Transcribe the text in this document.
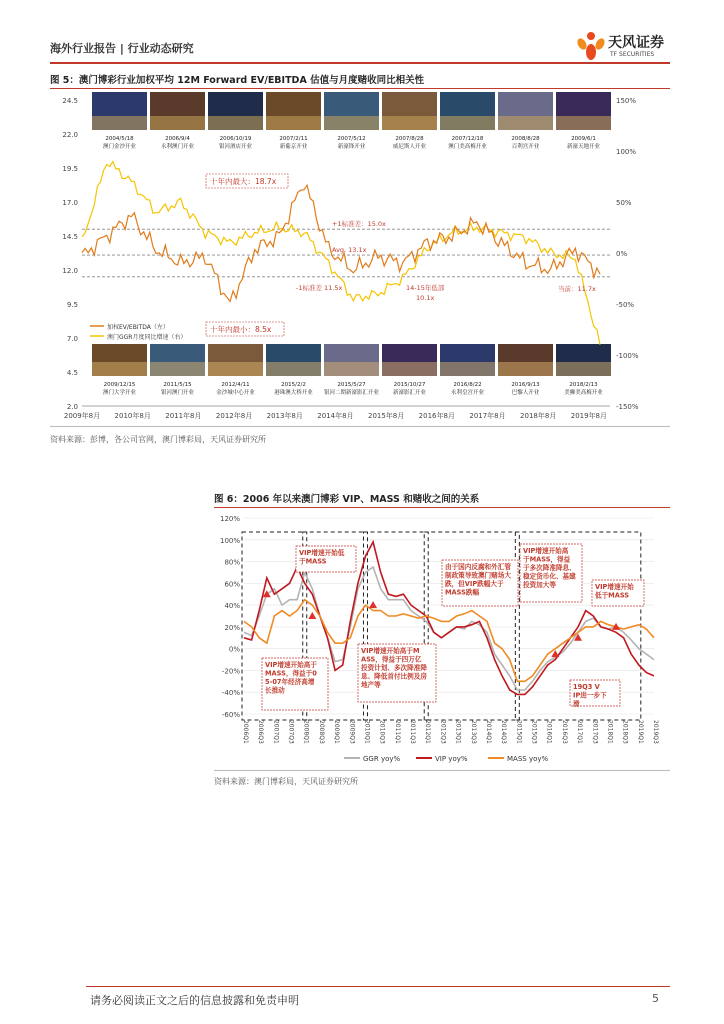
海外行业报告 | 行业动态研究	天风证券
TF SECURITIES
图 5：澳门博彩行业加权平均 12M Forward EV/EBITDA 估值与月度赌收同比相关性
24.5
22.0
19.5
17.0
14.5
12.0
9.5
7.0
4.5
2.0
150%
100%
50%
0%
-50%
-100%
-150%
2009年8月 2010年8月 2011年8月 2012年8月 2013年8月 2014年8月 2015年8月 2016年8月 2017年8月 2018年8月 2019年8月
2004/5/18
澳门金沙开业
2006/9/4
永利澳门开业
2006/10/19
银河酒店开业
2007/2/11
新葡京开业
2007/5/12
新濠锋开业
2007/8/28
威尼斯人开业
2007/12/18
澳门美高梅开业
2008/8/28
百利宫开业
2009/6/1
新濠天地开业
2009/12/15
澳门大学开业
2011/5/15
银河澳门开业
2012/4/11
金沙城中心开业
2015/2/2
港珠澳大桥开业
2015/5/27
银河二期新濠影汇开业
2015/10/27
新濠影汇开业
2016/8/22
永利皇宫开业
2016/9/13
巴黎人开业
2018/2/13
美狮美高梅开业
十年内最大：18.7x
+1标准差：15.0x
Avg. 13.1x
-1标准差 11.5x	14-15年低部
10.1x
当前：11.7x
十年内最小：8.5x
加权EV/EBITDA（左）
澳门GGR月度同比增速（右）
资料来源：彭博，各公司官网，澳门博彩局，天风证券研究所
图 6：2006 年以来澳门博彩 VIP、MASS 和赌收之间的关系
-60%
-40%
-20%
0%
20%
40%
60%
80%
100%
120%
2006Q1 2006Q3 2007Q1 2007Q3 2008Q1 2008Q3 2009Q1 2009Q3 2010Q1 2010Q3 2011Q1 2011Q3 2012Q1 2012Q3 2013Q1 2013Q3 2014Q1 2014Q3 2015Q1 2015Q3 2016Q1 2016Q3 2017Q1 2017Q3 2018Q1 2018Q3 2019Q1 2019Q3
VIP增速开始低
于MASS
VIP增速开始高于
MASS，得益于0
5-07年经济高增
长推动
VIP增速开始高于M
ASS，得益于四万亿
投资计划、多次降准降
息、降低首付比例及房
地产等
由于国内反腐和外汇管
制政策导致澳门赌场大
跌，但VIP跌幅大于
MASS跌幅
VIP增速开始高
于MASS，得益
于多次降准降息、
稳定货币化、基建
投资加大等	VIP增速开始
低于MASS
19Q3 V
IP进一步下
滑
GGR yoy%	VIP yoy%	MASS yoy%
资料来源：澳门博彩局，天风证券研究所
请务必阅读正文之后的信息披露和免责申明	5
